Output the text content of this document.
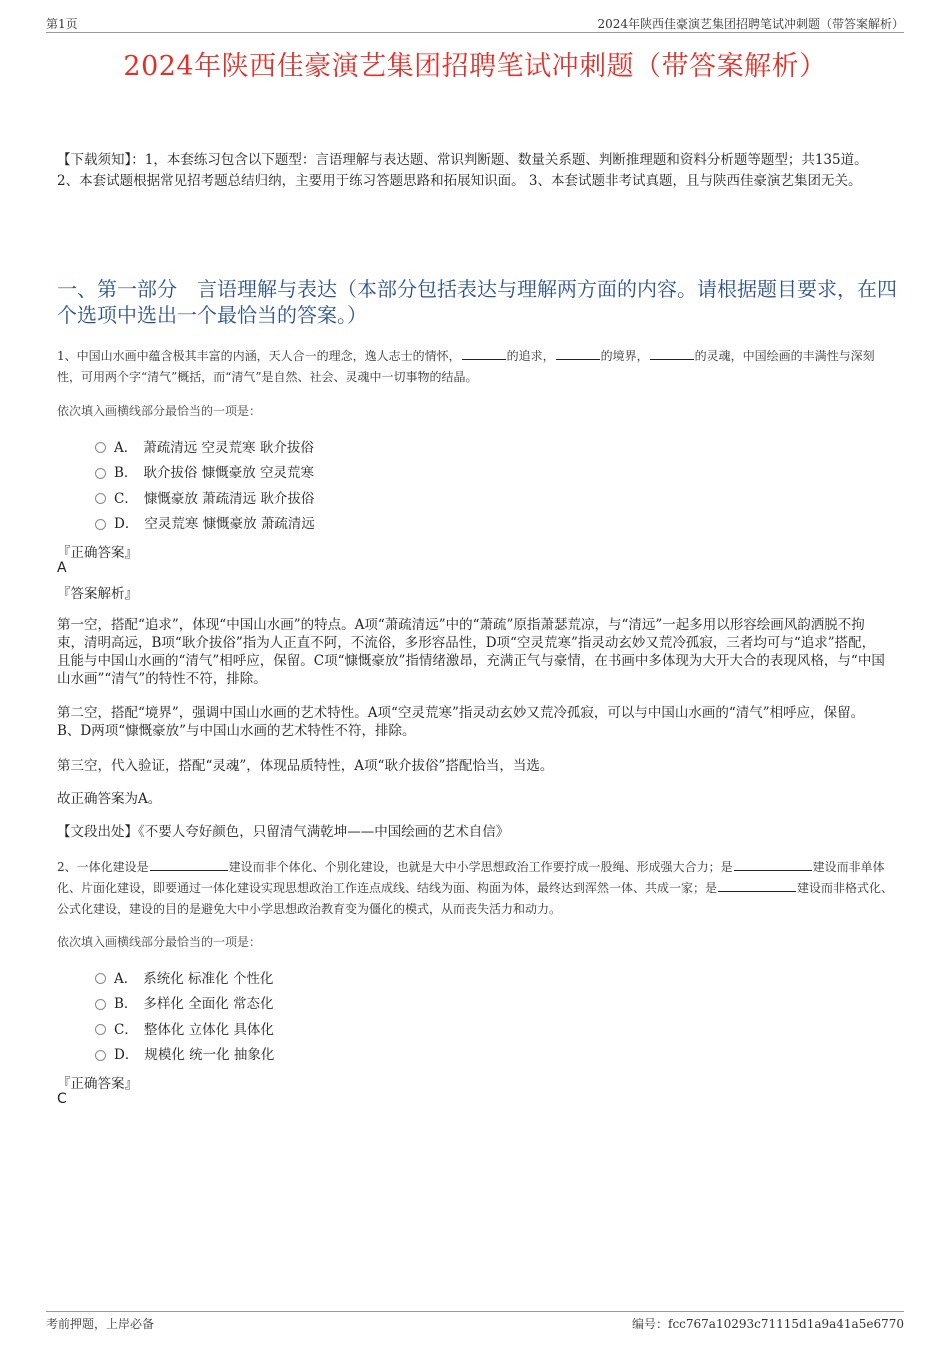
第1页	2024年陕西佳豪演艺集团招聘笔试冲刺题（带答案解析）
2024年陕西佳豪演艺集团招聘笔试冲刺题（带答案解析）
【下载须知】：1，本套练习包含以下题型：言语理解与表达题、常识判断题、数量关系题、判断推理题和资料分析题等题型；共135道。 2、本套试题根据常见招考题总结归纳，主要用于练习答题思路和拓展知识面。 3、本套试题非考试真题，且与陕西佳豪演艺集团无关。
一、第一部分　言语理解与表达（本部分包括表达与理解两方面的内容。请根据题目要求，在四个选项中选出一个最恰当的答案。）
1、中国山水画中蕴含极其丰富的内涵，天人合一的理念，逸人志士的情怀，	的追求，	的境界，	的灵魂，中国绘画的丰满性与深刻性，可用两个字“清气”概括，而“清气”是自然、社会、灵魂中一切事物的结晶。
依次填入画横线部分最恰当的一项是：
A． 萧疏清远 空灵荒寒 耿介拔俗
B． 耿介拔俗 慷慨豪放 空灵荒寒
C． 慷慨豪放 萧疏清远 耿介拔俗
D． 空灵荒寒 慷慨豪放 萧疏清远
『正确答案』
A
『答案解析』
第一空，搭配“追求”，体现“中国山水画”的特点。A项“萧疏清远”中的“萧疏”原指萧瑟荒凉，与“清远”一起多用以形容绘画风韵洒脱不拘束，清明高远，B项“耿介拔俗”指为人正直不阿，不流俗，多形容品性，D项“空灵荒寒”指灵动玄妙又荒冷孤寂，三者均可与“追求”搭配，且能与中国山水画的“清气”相呼应，保留。C项“慷慨豪放”指情绪激昂，充满正气与豪情，在书画中多体现为大开大合的表现风格，与“中国山水画”“清气”的特性不符，排除。
第二空，搭配“境界”，强调中国山水画的艺术特性。A项“空灵荒寒”指灵动玄妙又荒冷孤寂，可以与中国山水画的“清气”相呼应，保留。B、D两项“慷慨豪放”与中国山水画的艺术特性不符，排除。
第三空，代入验证，搭配“灵魂”，体现品质特性，A项“耿介拔俗”搭配恰当，当选。
故正确答案为A。
【文段出处】《不要人夸好颜色，只留清气满乾坤——中国绘画的艺术自信》
2、一体化建设是	建设而非个体化、个别化建设，也就是大中小学思想政治工作要拧成一股绳、形成强大合力；是	建设而非单体化、片面化建设，即要通过一体化建设实现思想政治工作连点成线、结线为面、构面为体，最终达到浑然一体、共成一家；是	建设而非格式化、公式化建设，建设的目的是避免大中小学思想政治教育变为僵化的模式，从而丧失活力和动力。
依次填入画横线部分最恰当的一项是：
A． 系统化 标准化 个性化
B． 多样化 全面化 常态化
C． 整体化 立体化 具体化
D． 规模化 统一化 抽象化
『正确答案』
C
考前押题，上岸必备	编号：fcc767a10293c71115d1a9a41a5e6770
